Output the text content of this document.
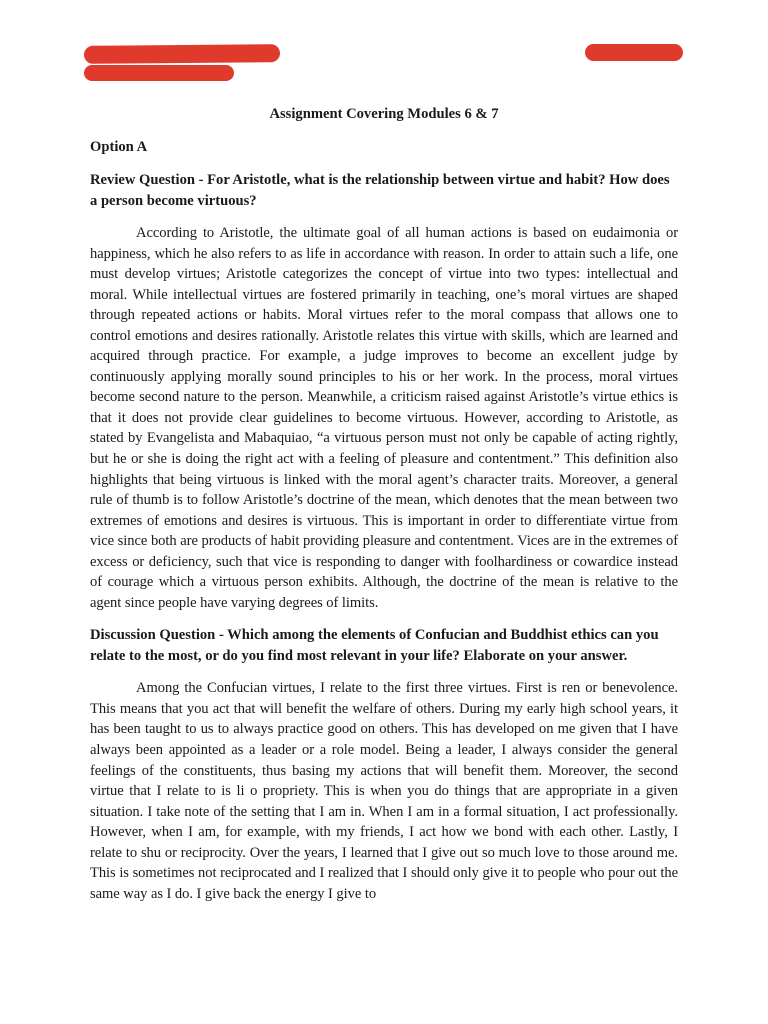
Assignment Covering Modules 6 & 7
Option A
Review Question - For Aristotle, what is the relationship between virtue and habit? How does a person become virtuous?
According to Aristotle, the ultimate goal of all human actions is based on eudaimonia or happiness, which he also refers to as life in accordance with reason. In order to attain such a life, one must develop virtues; Aristotle categorizes the concept of virtue into two types: intellectual and moral. While intellectual virtues are fostered primarily in teaching, one’s moral virtues are shaped through repeated actions or habits. Moral virtues refer to the moral compass that allows one to control emotions and desires rationally. Aristotle relates this virtue with skills, which are learned and acquired through practice. For example, a judge improves to become an excellent judge by continuously applying morally sound principles to his or her work. In the process, moral virtues become second nature to the person. Meanwhile, a criticism raised against Aristotle’s virtue ethics is that it does not provide clear guidelines to become virtuous. However, according to Aristotle, as stated by Evangelista and Mabaquiao, “a virtuous person must not only be capable of acting rightly, but he or she is doing the right act with a feeling of pleasure and contentment.” This definition also highlights that being virtuous is linked with the moral agent’s character traits. Moreover, a general rule of thumb is to follow Aristotle’s doctrine of the mean, which denotes that the mean between two extremes of emotions and desires is virtuous. This is important in order to differentiate virtue from vice since both are products of habit providing pleasure and contentment. Vices are in the extremes of excess or deficiency, such that vice is responding to danger with foolhardiness or cowardice instead of courage which a virtuous person exhibits. Although, the doctrine of the mean is relative to the agent since people have varying degrees of limits.
Discussion Question - Which among the elements of Confucian and Buddhist ethics can you relate to the most, or do you find most relevant in your life? Elaborate on your answer.
Among the Confucian virtues, I relate to the first three virtues. First is ren or benevolence. This means that you act that will benefit the welfare of others. During my early high school years, it has been taught to us to always practice good on others. This has developed on me given that I have always been appointed as a leader or a role model. Being a leader, I always consider the general feelings of the constituents, thus basing my actions that will benefit them. Moreover, the second virtue that I relate to is li o propriety. This is when you do things that are appropriate in a given situation. I take note of the setting that I am in. When I am in a formal situation, I act professionally. However, when I am, for example, with my friends, I act how we bond with each other. Lastly, I relate to shu or reciprocity. Over the years, I learned that I give out so much love to those around me. This is sometimes not reciprocated and I realized that I should only give it to people who pour out the same way as I do. I give back the energy I give to
